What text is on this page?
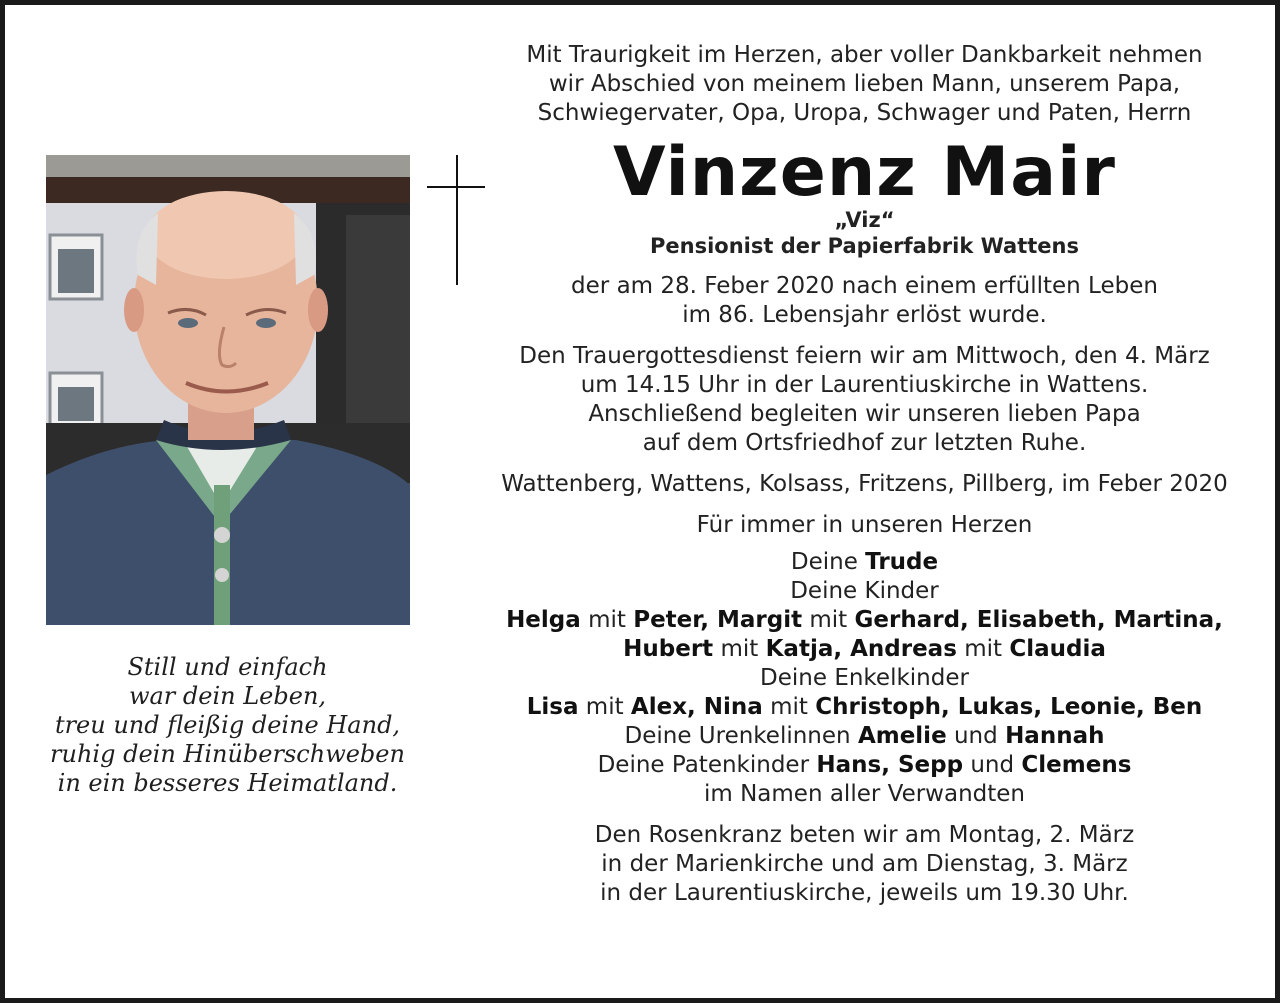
Still und einfach
war dein Leben,
treu und fleißig deine Hand,
ruhig dein Hinüberschweben
in ein besseres Heimatland.
Mit Traurigkeit im Herzen, aber voller Dankbarkeit nehmen
wir Abschied von meinem lieben Mann, unserem Papa,
Schwiegervater, Opa, Uropa, Schwager und Paten, Herrn
Vinzenz Mair
„Viz“
Pensionist der Papierfabrik Wattens
der am 28. Feber 2020 nach einem erfüllten Leben
im 86. Lebensjahr erlöst wurde.
Den Trauergottesdienst feiern wir am Mittwoch, den 4. März
um 14.15 Uhr in der Laurentiuskirche in Wattens.
Anschließend begleiten wir unseren lieben Papa
auf dem Ortsfriedhof zur letzten Ruhe.
Wattenberg, Wattens, Kolsass, Fritzens, Pillberg, im Feber 2020
Für immer in unseren Herzen
Deine Trude
Deine Kinder
Helga mit Peter, Margit mit Gerhard, Elisabeth, Martina,
Hubert mit Katja, Andreas mit Claudia
Deine Enkelkinder
Lisa mit Alex, Nina mit Christoph, Lukas, Leonie, Ben
Deine Urenkelinnen Amelie und Hannah
Deine Patenkinder Hans, Sepp und Clemens
im Namen aller Verwandten
Den Rosenkranz beten wir am Montag, 2. März
in der Marienkirche und am Dienstag, 3. März
in der Laurentiuskirche, jeweils um 19.30 Uhr.
